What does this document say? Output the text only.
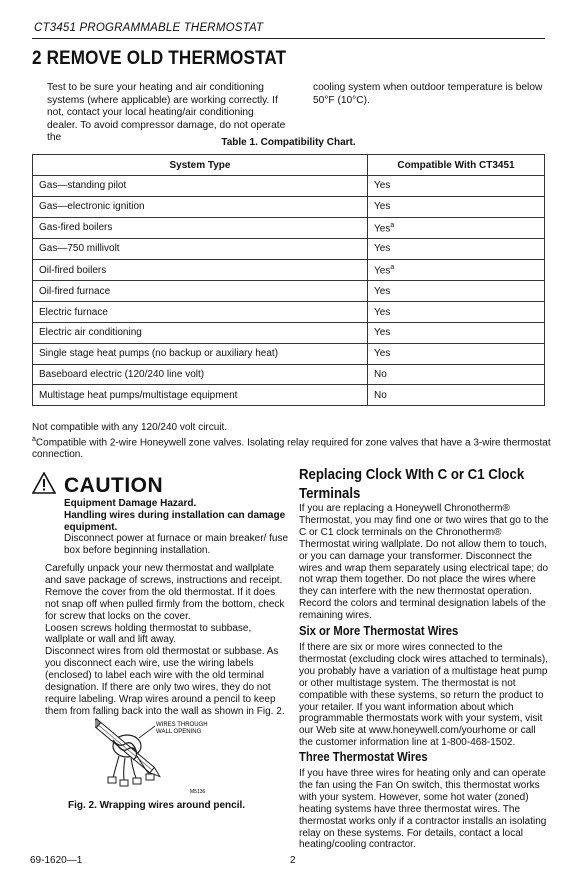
CT3451 PROGRAMMABLE THERMOSTAT
2 REMOVE OLD THERMOSTAT
Test to be sure your heating and air conditioning systems (where applicable) are working correctly. If not, contact your local heating/air conditioning dealer. To avoid compressor damage, do not operate the
cooling system when outdoor temperature is below 50°F (10°C).
Table 1. Compatibility Chart.
System Type	Compatible With CT3451
Gas—standing pilot	Yes
Gas—electronic ignition	Yes
Gas-fired boilers	Yes$^a$
Gas—750 millivolt	Yes
Oil-fired boilers	Yes$^a$
Oil-fired furnace	Yes
Electric furnace	Yes
Electric air conditioning	Yes
Single stage heat pumps (no backup or auxiliary heat)	Yes
Baseboard electric (120/240 line volt)	No
Multistage heat pumps/multistage equipment	No
Not compatible with any 120/240 volt circuit.
$^a$Compatible with 2-wire Honeywell zone valves. Isolating relay required for zone valves that have a 3-wire thermostat connection.
CAUTION
Equipment Damage Hazard.
Handling wires during installation can damage equipment.
Disconnect power at furnace or main breaker/ fuse box before beginning installation.

Carefully unpack your new thermostat and wallplate and save package of screws, instructions and receipt. Remove the cover from the old thermostat. If it does not snap off when pulled firmly from the bottom, check for screw that locks on the cover.

Loosen screws holding thermostat to subbase, wallplate or wall and lift away.

Disconnect wires from old thermostat or subbase. As you disconnect each wire, use the wiring labels (enclosed) to label each wire with the old terminal designation. If there are only two wires, they do not require labeling. Wrap wires around a pencil to keep them from falling back into the wall as shown in Fig. 2.

WIRES THROUGH
WALL OPENING
M5136
Fig. 2. Wrapping wires around pencil.
Replacing Clock WIth C or C1 Clock Terminals
If you are replacing a Honeywell Chronotherm® Thermostat, you may find one or two wires that go to the C or C1 clock terminals on the Chronotherm® Thermostat wiring wallplate. Do not allow them to touch, or you can damage your transformer. Disconnect the wires and wrap them separately using electrical tape; do not wrap them together. Do not place the wires where they can interfere with the new thermostat operation. Record the colors and terminal designation labels of the remaining wires.
Six or More Thermostat Wires
If there are six or more wires connected to the thermostat (excluding clock wires attached to terminals), you probably have a variation of a multistage heat pump or other multistage system. The thermostat is not compatible with these systems, so return the product to your retailer. If you want information about which programmable thermostats work with your system, visit our Web site at www.honeywell.com/yourhome or call the customer information line at 1-800-468-1502.
Three Thermostat Wires
If you have three wires for heating only and can operate the fan using the Fan On switch, this thermostat works with your system. However, some hot water (zoned) heating systems have three thermostat wires. The thermostat works only if a contractor installs an isolating relay on these systems. For details, contact a local heating/cooling contractor.
69-1620—1	2
